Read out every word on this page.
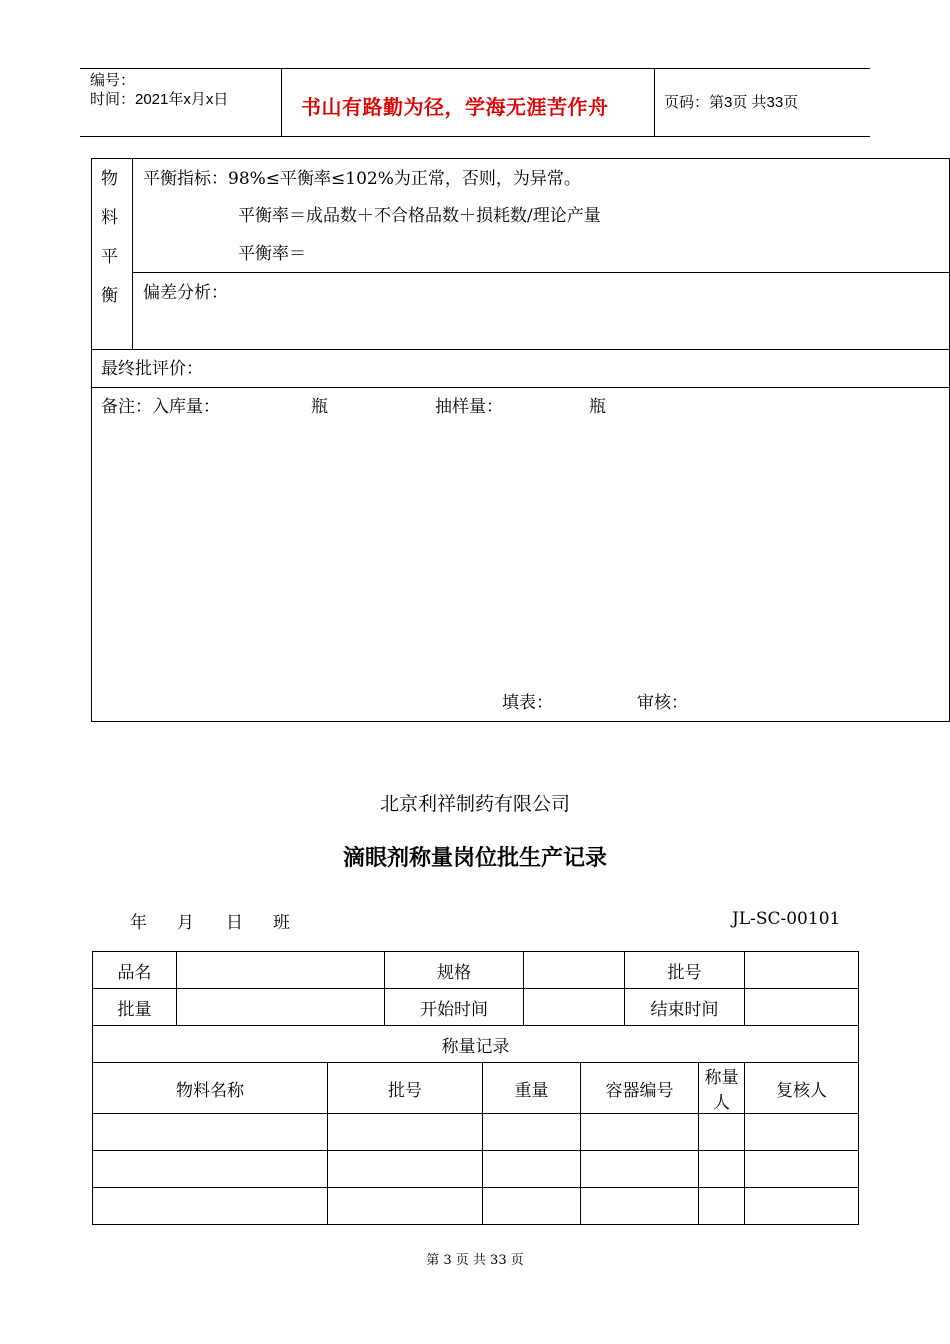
编号：
时间：2021年x月x日	书山有路勤为径，学海无涯苦作舟	页码：第3页 共33页
物
料
平
衡
平衡指标：98%≤平衡率≤102%为正常，否则，为异常。
平衡率＝成品数＋不合格品数＋损耗数/理论产量
平衡率＝
偏差分析：
最终批评价：
备注：入库量：	瓶	抽样量：	瓶
填表：	审核：
北京利祥制药有限公司
滴眼剂称量岗位批生产记录
年 月 日 班	JL-SC-00101
品名			规格				批号		
批量			开始时间				结束时间		
称量记录									
物料名称		批号		重量		容器编号		称量人	复核人

第 3 页 共 33 页
